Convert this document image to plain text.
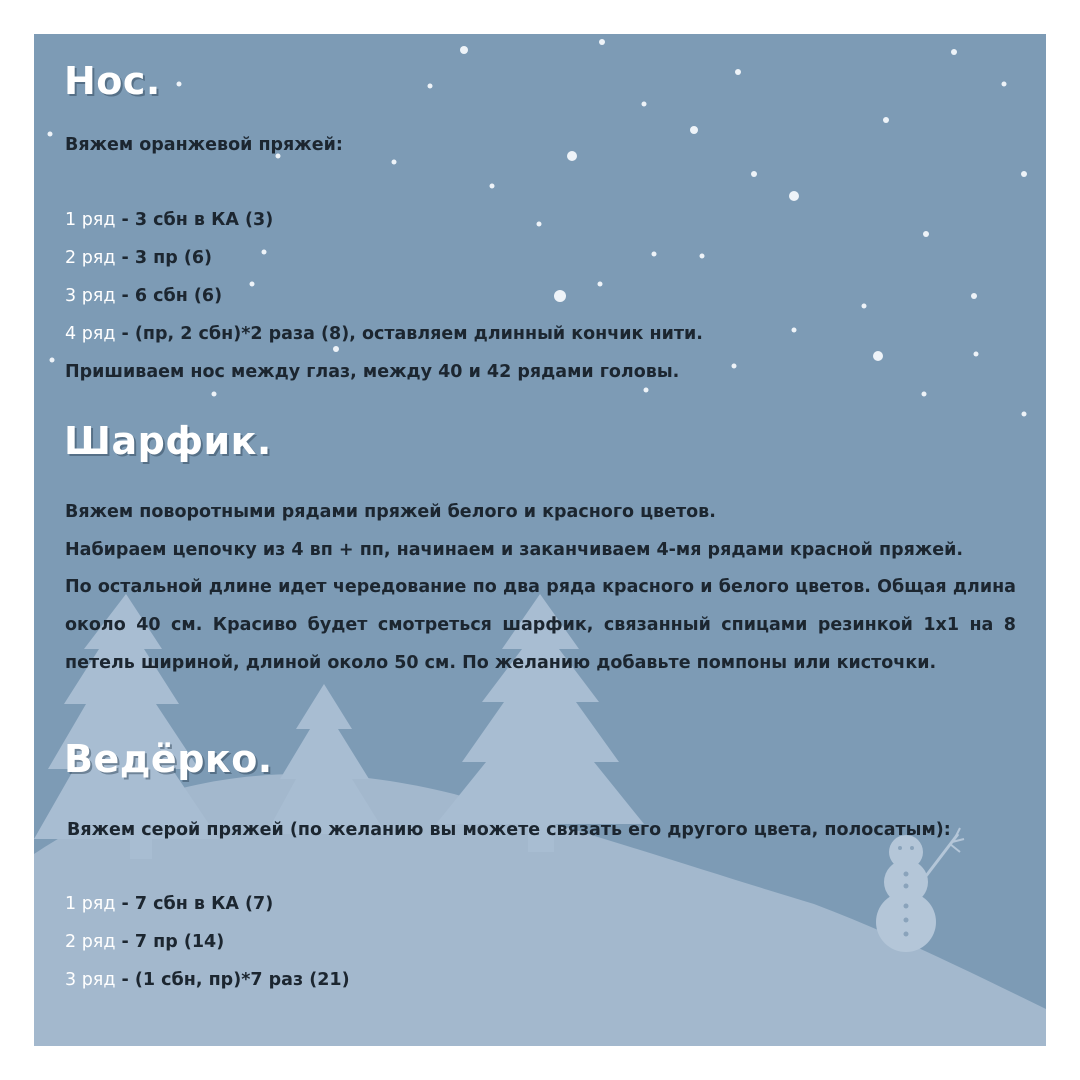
Нос.

Вяжем оранжевой пряжей:

1 ряд - 3 сбн в КА (3)

2 ряд - 3 пр (6)

3 ряд - 6 сбн (6)

4 ряд - (пр, 2 сбн)*2 раза (8), оставляем длинный кончик нити.

Пришиваем нос между глаз, между 40 и 42 рядами головы.

Шарфик.

Вяжем поворотными рядами пряжей белого и красного цветов.

Набираем цепочку из 4 вп + пп, начинаем и заканчиваем 4-мя рядами красной пряжей.

По остальной длине идет чередование по два ряда красного и белого цветов. Общая длина около 40 см. Красиво будет смотреться шарфик, связанный спицами резинкой 1х1 на 8 петель шириной, длиной около 50 см. По желанию добавьте помпоны или кисточки.

Ведёрко.

Вяжем серой пряжей (по желанию вы можете связать его другого цвета, полосатым):

1 ряд - 7 сбн в КА (7)

2 ряд - 7 пр (14)

3 ряд - (1 сбн, пр)*7 раз (21)
